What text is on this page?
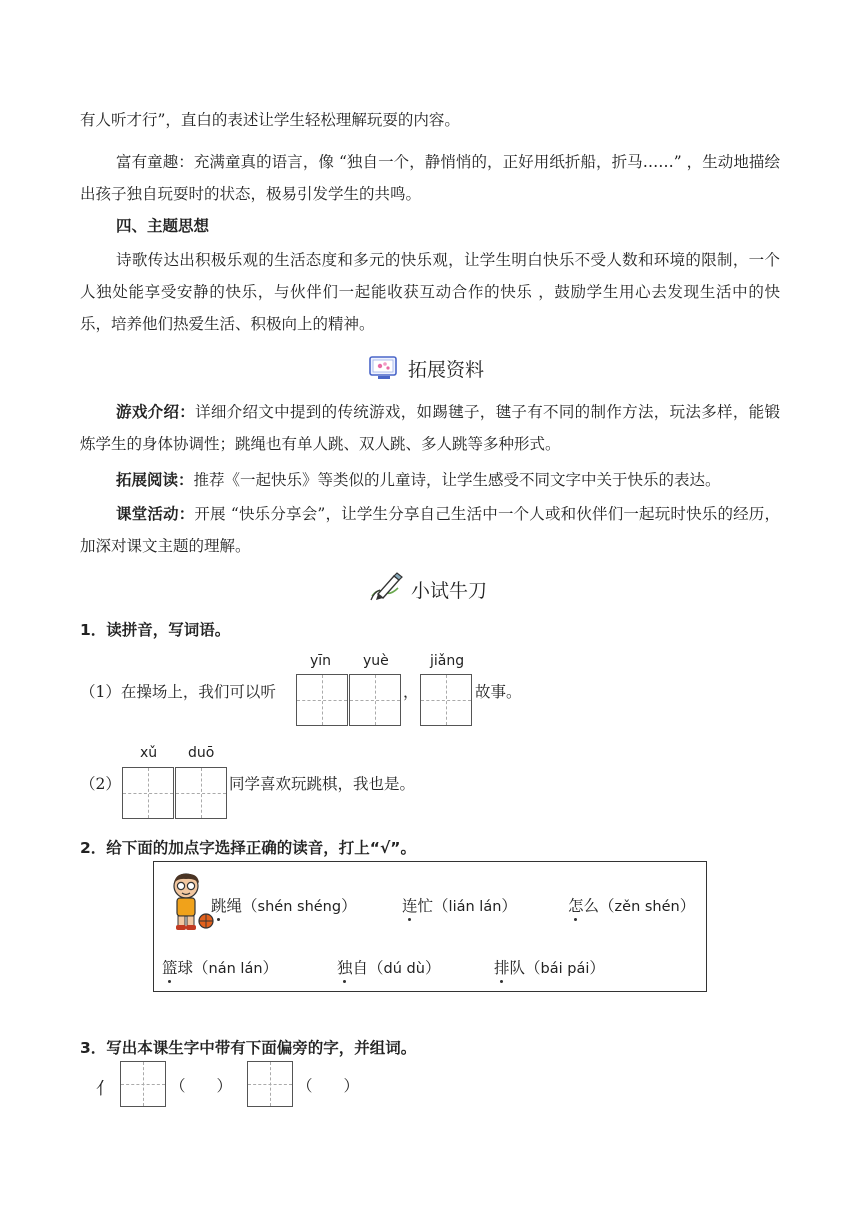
有人听才行”，直白的表述让学生轻松理解玩耍的内容。
富有童趣：充满童真的语言，像 “独自一个，静悄悄的，正好用纸折船，折马……” ，生动地描绘出孩子独自玩耍时的状态，极易引发学生的共鸣。
四、主题思想
诗歌传达出积极乐观的生活态度和多元的快乐观，让学生明白快乐不受人数和环境的限制，一个人独处能享受安静的快乐，与伙伴们一起能收获互动合作的快乐 ，鼓励学生用心去发现生活中的快乐，培养他们热爱生活、积极向上的精神。
拓展资料
游戏介绍：详细介绍文中提到的传统游戏，如踢毽子，毽子有不同的制作方法，玩法多样，能锻炼学生的身体协调性；跳绳也有单人跳、双人跳、多人跳等多种形式。
拓展阅读：推荐《一起快乐》等类似的儿童诗，让学生感受不同文字中关于快乐的表达。
课堂活动：开展 “快乐分享会”，让学生分享自己生活中一个人或和伙伴们一起玩时快乐的经历，加深对课文主题的理解。
小试牛刀
1．读拼音，写词语。
yīn yuè	jiǎng
（1）在操场上，我们可以听	，	故事。
xǔ duō
（2）	同学喜欢玩跳棋，我也是。
2．给下面的加点字选择正确的读音，打上“√”。
跳绳（shén shéng）	连忙（lián lán）	怎么（zěn shén）
篮球（nán lán）	独自（dú dù）	排队（bái pái）
3．写出本课生字中带有下面偏旁的字，并组词。
亻	（　　）	（　　）
